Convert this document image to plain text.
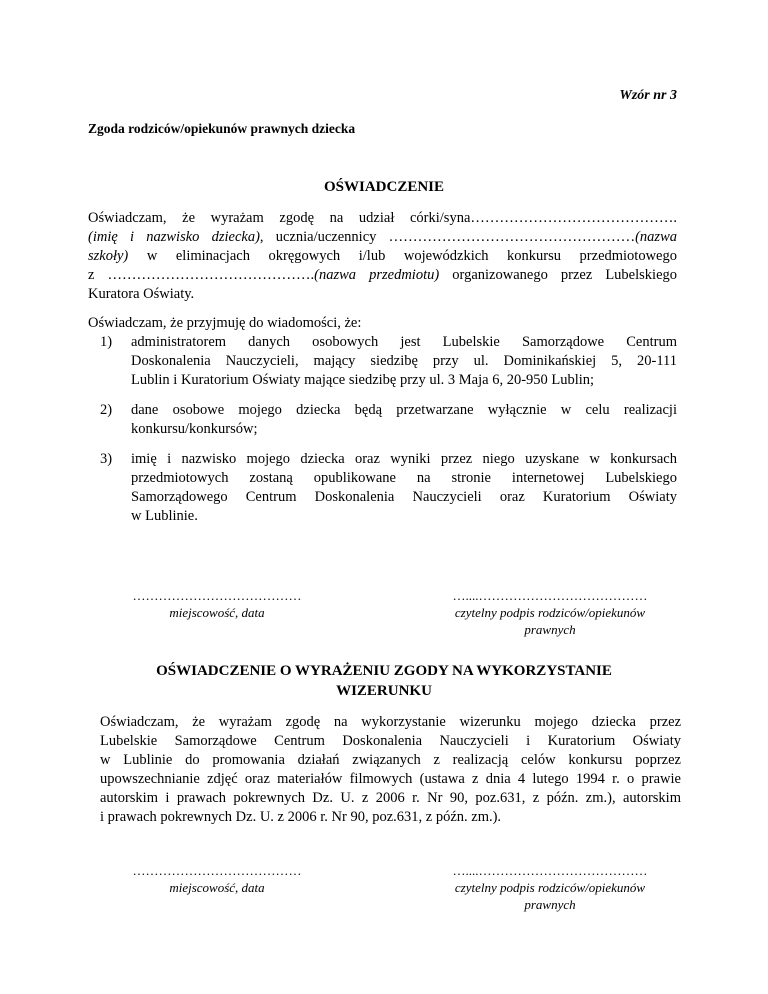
Wzór nr 3
Zgoda rodziców/opiekunów prawnych dziecka
OŚWIADCZENIE
Oświadczam, że wyrażam zgodę na udział córki/syna…………………………………….
(imię i nazwisko dziecka), ucznia/uczennicy ……………………………………………(nazwa
szkoły) w eliminacjach okręgowych i/lub wojewódzkich konkursu przedmiotowego
z …………………………………….(nazwa przedmiotu) organizowanego przez Lubelskiego
Kuratora Oświaty.
Oświadczam, że przyjmuję do wiadomości, że:
1) administratorem danych osobowych jest Lubelskie Samorządowe Centrum
Doskonalenia Nauczycieli, mający siedzibę przy ul. Dominikańskiej 5, 20-111
Lublin i Kuratorium Oświaty mające siedzibę przy ul. 3 Maja 6, 20-950 Lublin;
2) dane osobowe mojego dziecka będą przetwarzane wyłącznie w celu realizacji
konkursu/konkursów;
3) imię i nazwisko mojego dziecka oraz wyniki przez niego uzyskane w konkursach
przedmiotowych zostaną opublikowane na stronie internetowej Lubelskiego
Samorządowego Centrum Doskonalenia Nauczycieli oraz Kuratorium Oświaty
w Lublinie.
…………………………………
miejscowość, data
…....…………………………………
czytelny podpis rodziców/opiekunów
prawnych
OŚWIADCZENIE O WYRAŻENIU ZGODY NA WYKORZYSTANIE
WIZERUNKU
Oświadczam, że wyrażam zgodę na wykorzystanie wizerunku mojego dziecka przez
Lubelskie Samorządowe Centrum Doskonalenia Nauczycieli i Kuratorium Oświaty
w Lublinie do promowania działań związanych z realizacją celów konkursu poprzez
upowszechnianie zdjęć oraz materiałów filmowych (ustawa z dnia 4 lutego 1994 r. o prawie
autorskim i prawach pokrewnych Dz. U. z 2006 r. Nr 90, poz.631, z późn. zm.), autorskim
i prawach pokrewnych Dz. U. z 2006 r. Nr 90, poz.631, z późn. zm.).
…………………………………
miejscowość, data
…....…………………………………
czytelny podpis rodziców/opiekunów
prawnych
